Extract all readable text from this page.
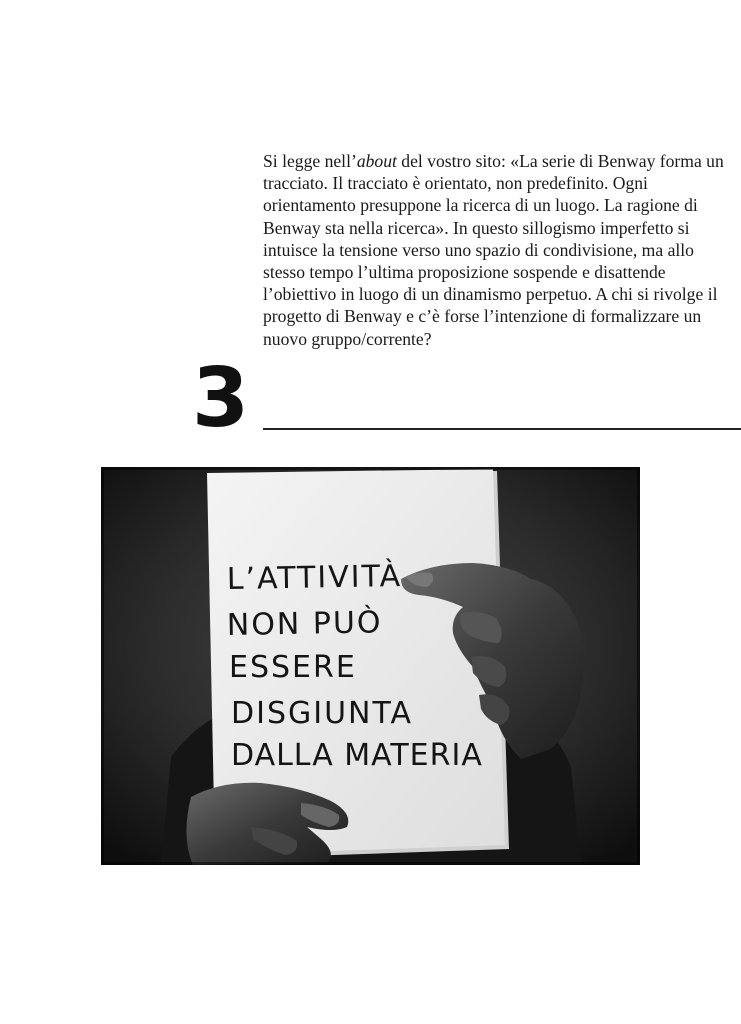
3

Si legge nell’about del vostro sito: «La serie di Benway forma un tracciato. Il tracciato è orientato, non predefinito. Ogni orientamento presuppone la ricerca di un luogo. La ragione di Benway sta nella ricerca». In questo sillogismo imperfetto si intuisce la tensione verso uno spazio di condivisione, ma allo stesso tempo l’ultima proposizione sospende e disattende l’obiettivo in luogo di un dinamismo perpetuo. A chi si rivolge il progetto di Benway e c’è forse l’intenzione di formalizzare un nuovo gruppo/corrente?

L’ATTIVITÀ
NON PUÒ
ESSERE
DISGIUNTA
DALLA MATERIA
